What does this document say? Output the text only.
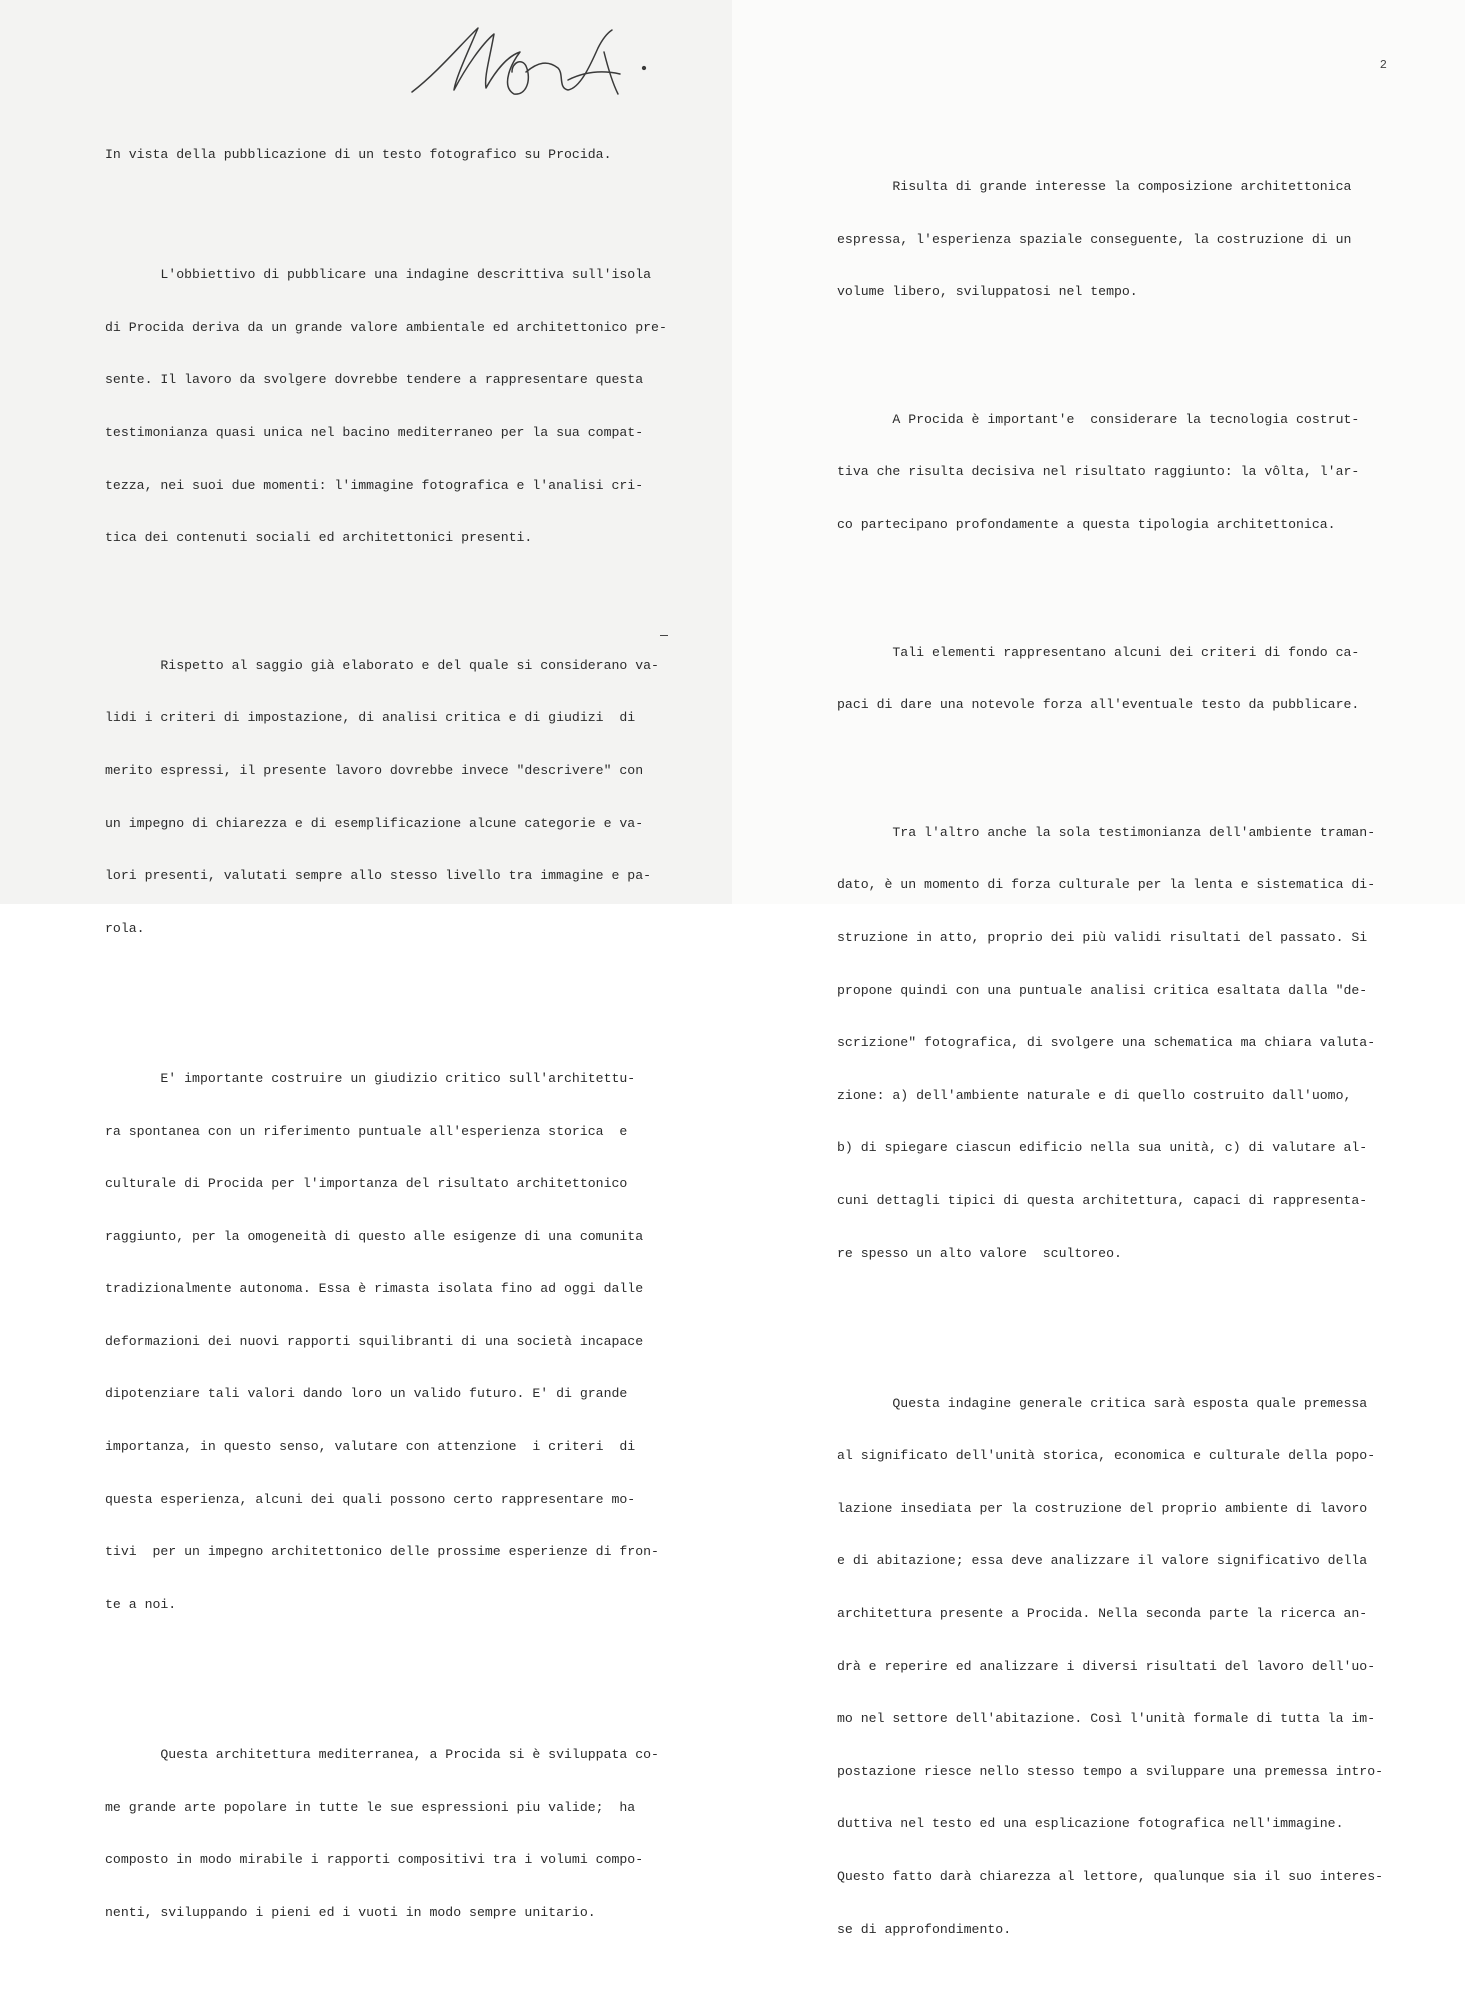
In vista della pubblicazione di un testo fotografico su Procida.

L'obbiettivo di pubblicare una indagine descrittiva sull'isola

di Procida deriva da un grande valore ambientale ed architettonico pre-

sente. Il lavoro da svolgere dovrebbe tendere a rappresentare questa

testimonianza quasi unica nel bacino mediterraneo per la sua compat-

tezza, nei suoi due momenti: l'immagine fotografica e l'analisi cri-

tica dei contenuti sociali ed architettonici presenti.

Rispetto al saggio già elaborato e del quale si considerano va-

lidi i criteri di impostazione, di analisi critica e di giudizi  di

merito espressi, il presente lavoro dovrebbe invece "descrivere" con

un impegno di chiarezza e di esemplificazione alcune categorie e va-

lori presenti, valutati sempre allo stesso livello tra immagine e pa-

rola.

E' importante costruire un giudizio critico sull'architettu-

ra spontanea con un riferimento puntuale all'esperienza storica  e

culturale di Procida per l'importanza del risultato architettonico

raggiunto, per la omogeneità di questo alle esigenze di una comunita

tradizionalmente autonoma. Essa è rimasta isolata fino ad oggi dalle

deformazioni dei nuovi rapporti squilibranti di una società incapace

dipotenziare tali valori dando loro un valido futuro. E' di grande

importanza, in questo senso, valutare con attenzione  i criteri  di

questa esperienza, alcuni dei quali possono certo rappresentare mo-

tivi  per un impegno architettonico delle prossime esperienze di fron-

te a noi.

Questa architettura mediterranea, a Procida si è sviluppata co-

me grande arte popolare in tutte le sue espressioni piu valide;  ha

composto in modo mirabile i rapporti compositivi tra i volumi compo-

nenti, sviluppando i pieni ed i vuoti in modo sempre unitario.

2

Risulta di grande interesse la composizione architettonica

espressa, l'esperienza spaziale conseguente, la costruzione di un

volume libero, sviluppatosi nel tempo.

A Procida è important'e  considerare la tecnologia costrut-

tiva che risulta decisiva nel risultato raggiunto: la vôlta, l'ar-

co partecipano profondamente a questa tipologia architettonica.

Tali elementi rappresentano alcuni dei criteri di fondo ca-

paci di dare una notevole forza all'eventuale testo da pubblicare.

Tra l'altro anche la sola testimonianza dell'ambiente traman-

dato, è un momento di forza culturale per la lenta e sistematica di-

struzione in atto, proprio dei più validi risultati del passato. Si

propone quindi con una puntuale analisi critica esaltata dalla "de-

scrizione" fotografica, di svolgere una schematica ma chiara valuta-

zione: a) dell'ambiente naturale e di quello costruito dall'uomo,

b) di spiegare ciascun edificio nella sua unità, c) di valutare al-

cuni dettagli tipici di questa architettura, capaci di rappresenta-

re spesso un alto valore  scultoreo.

Questa indagine generale critica sarà esposta quale premessa

al significato dell'unità storica, economica e culturale della popo-

lazione insediata per la costruzione del proprio ambiente di lavoro

e di abitazione; essa deve analizzare il valore significativo della

architettura presente a Procida. Nella seconda parte la ricerca an-

drà e reperire ed analizzare i diversi risultati del lavoro dell'uo-

mo nel settore dell'abitazione. Così l'unità formale di tutta la im-

postazione riesce nello stesso tempo a sviluppare una premessa intro-

duttiva nel testo ed una esplicazione fotografica nell'immagine.

Questo fatto darà chiarezza al lettore, qualunque sia il suo interes-

se di approfondimento.
